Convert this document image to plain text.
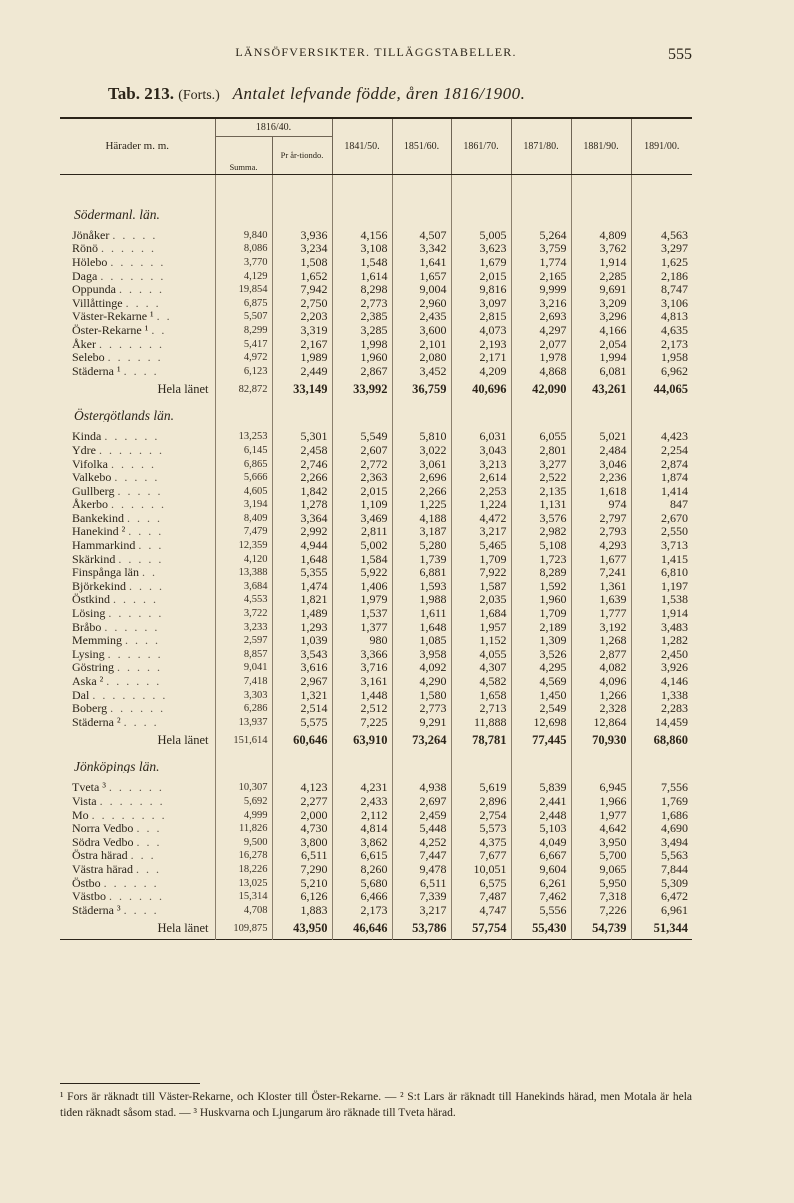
LÄNSÖFVERSIKTER. TILLÄGGSTABELLER.	555
Tab. 213. (Forts.) Antalet lefvande födde, åren 1816/1900.
Härader m. m.	1816/40.		1841/50.	1851/60.	1861/70.	1871/80.	1881/90.	1891/00.
	Summa.	Pr år-tiondo.						

Södermanl. län.								

Jönåker . . . . .	9,840	3,936	4,156	4,507	5,005	5,264	4,809	4,563
Rönö . . . . . .	8,086	3,234	3,108	3,342	3,623	3,759	3,762	3,297
Hölebo . . . . . .	3,770	1,508	1,548	1,641	1,679	1,774	1,914	1,625
Daga . . . . . . .	4,129	1,652	1,614	1,657	2,015	2,165	2,285	2,186
Oppunda . . . . .	19,854	7,942	8,298	9,004	9,816	9,999	9,691	8,747
Villåttinge . . . .	6,875	2,750	2,773	2,960	3,097	3,216	3,209	3,106
Väster-Rekarne ¹ . .	5,507	2,203	2,385	2,435	2,815	2,693	3,296	4,813
Öster-Rekarne ¹ . .	8,299	3,319	3,285	3,600	4,073	4,297	4,166	4,635
Åker . . . . . . .	5,417	2,167	1,998	2,101	2,193	2,077	2,054	2,173
Selebo . . . . . .	4,972	1,989	1,960	2,080	2,171	1,978	1,994	1,958
Städerna ¹ . . . .	6,123	2,449	2,867	3,452	4,209	4,868	6,081	6,962
Hela länet	82,872	33,149	33,992	36,759	40,696	42,090	43,261	44,065
Östergötlands län.								

Kinda . . . . . .	13,253	5,301	5,549	5,810	6,031	6,055	5,021	4,423
Ydre . . . . . . .	6,145	2,458	2,607	3,022	3,043	2,801	2,484	2,254
Vifolka . . . . .	6,865	2,746	2,772	3,061	3,213	3,277	3,046	2,874
Valkebo . . . . .	5,666	2,266	2,363	2,696	2,614	2,522	2,236	1,874
Gullberg . . . . .	4,605	1,842	2,015	2,266	2,253	2,135	1,618	1,414
Åkerbo . . . . . .	3,194	1,278	1,109	1,225	1,224	1,131	974	847
Bankekind . . . .	8,409	3,364	3,469	4,188	4,472	3,576	2,797	2,670
Hanekind ² . . . .	7,479	2,992	2,811	3,187	3,217	2,982	2,793	2,550
Hammarkind . . .	12,359	4,944	5,002	5,280	5,465	5,108	4,293	3,713
Skärkind . . . . .	4,120	1,648	1,584	1,739	1,709	1,723	1,677	1,415
Finspånga län . .	13,388	5,355	5,922	6,881	7,922	8,289	7,241	6,810
Björkekind . . . .	3,684	1,474	1,406	1,593	1,587	1,592	1,361	1,197
Östkind . . . . .	4,553	1,821	1,979	1,988	2,035	1,960	1,639	1,538
Lösing . . . . . .	3,722	1,489	1,537	1,611	1,684	1,709	1,777	1,914
Bråbo . . . . . .	3,233	1,293	1,377	1,648	1,957	2,189	3,192	3,483
Memming . . . .	2,597	1,039	980	1,085	1,152	1,309	1,268	1,282
Lysing . . . . . .	8,857	3,543	3,366	3,958	4,055	3,526	2,877	2,450
Göstring . . . . .	9,041	3,616	3,716	4,092	4,307	4,295	4,082	3,926
Aska ² . . . . . .	7,418	2,967	3,161	4,290	4,582	4,569	4,096	4,146
Dal . . . . . . . .	3,303	1,321	1,448	1,580	1,658	1,450	1,266	1,338
Boberg . . . . . .	6,286	2,514	2,512	2,773	2,713	2,549	2,328	2,283
Städerna ² . . . .	13,937	5,575	7,225	9,291	11,888	12,698	12,864	14,459
Hela länet	151,614	60,646	63,910	73,264	78,781	77,445	70,930	68,860
Jönköpings län.								

Tveta ³ . . . . . .	10,307	4,123	4,231	4,938	5,619	5,839	6,945	7,556
Vista . . . . . . .	5,692	2,277	2,433	2,697	2,896	2,441	1,966	1,769
Mo . . . . . . . .	4,999	2,000	2,112	2,459	2,754	2,448	1,977	1,686
Norra Vedbo . . .	11,826	4,730	4,814	5,448	5,573	5,103	4,642	4,690
Södra Vedbo . . .	9,500	3,800	3,862	4,252	4,375	4,049	3,950	3,494
Östra härad . . .	16,278	6,511	6,615	7,447	7,677	6,667	5,700	5,563
Västra härad . . .	18,226	7,290	8,260	9,478	10,051	9,604	9,065	7,844
Östbo . . . . . .	13,025	5,210	5,680	6,511	6,575	6,261	5,950	5,309
Västbo . . . . . .	15,314	6,126	6,466	7,339	7,487	7,462	7,318	6,472
Städerna ³ . . . .	4,708	1,883	2,173	3,217	4,747	5,556	7,226	6,961
Hela länet	109,875	43,950	46,646	53,786	57,754	55,430	54,739	51,344

¹ Fors är räknadt till Väster-Rekarne, och Kloster till Öster-Rekarne. — ² S:t Lars är räknadt till Hanekinds härad, men Motala är hela tiden räknadt såsom stad. — ³ Huskvarna och Ljungarum äro räknade till Tveta härad.
